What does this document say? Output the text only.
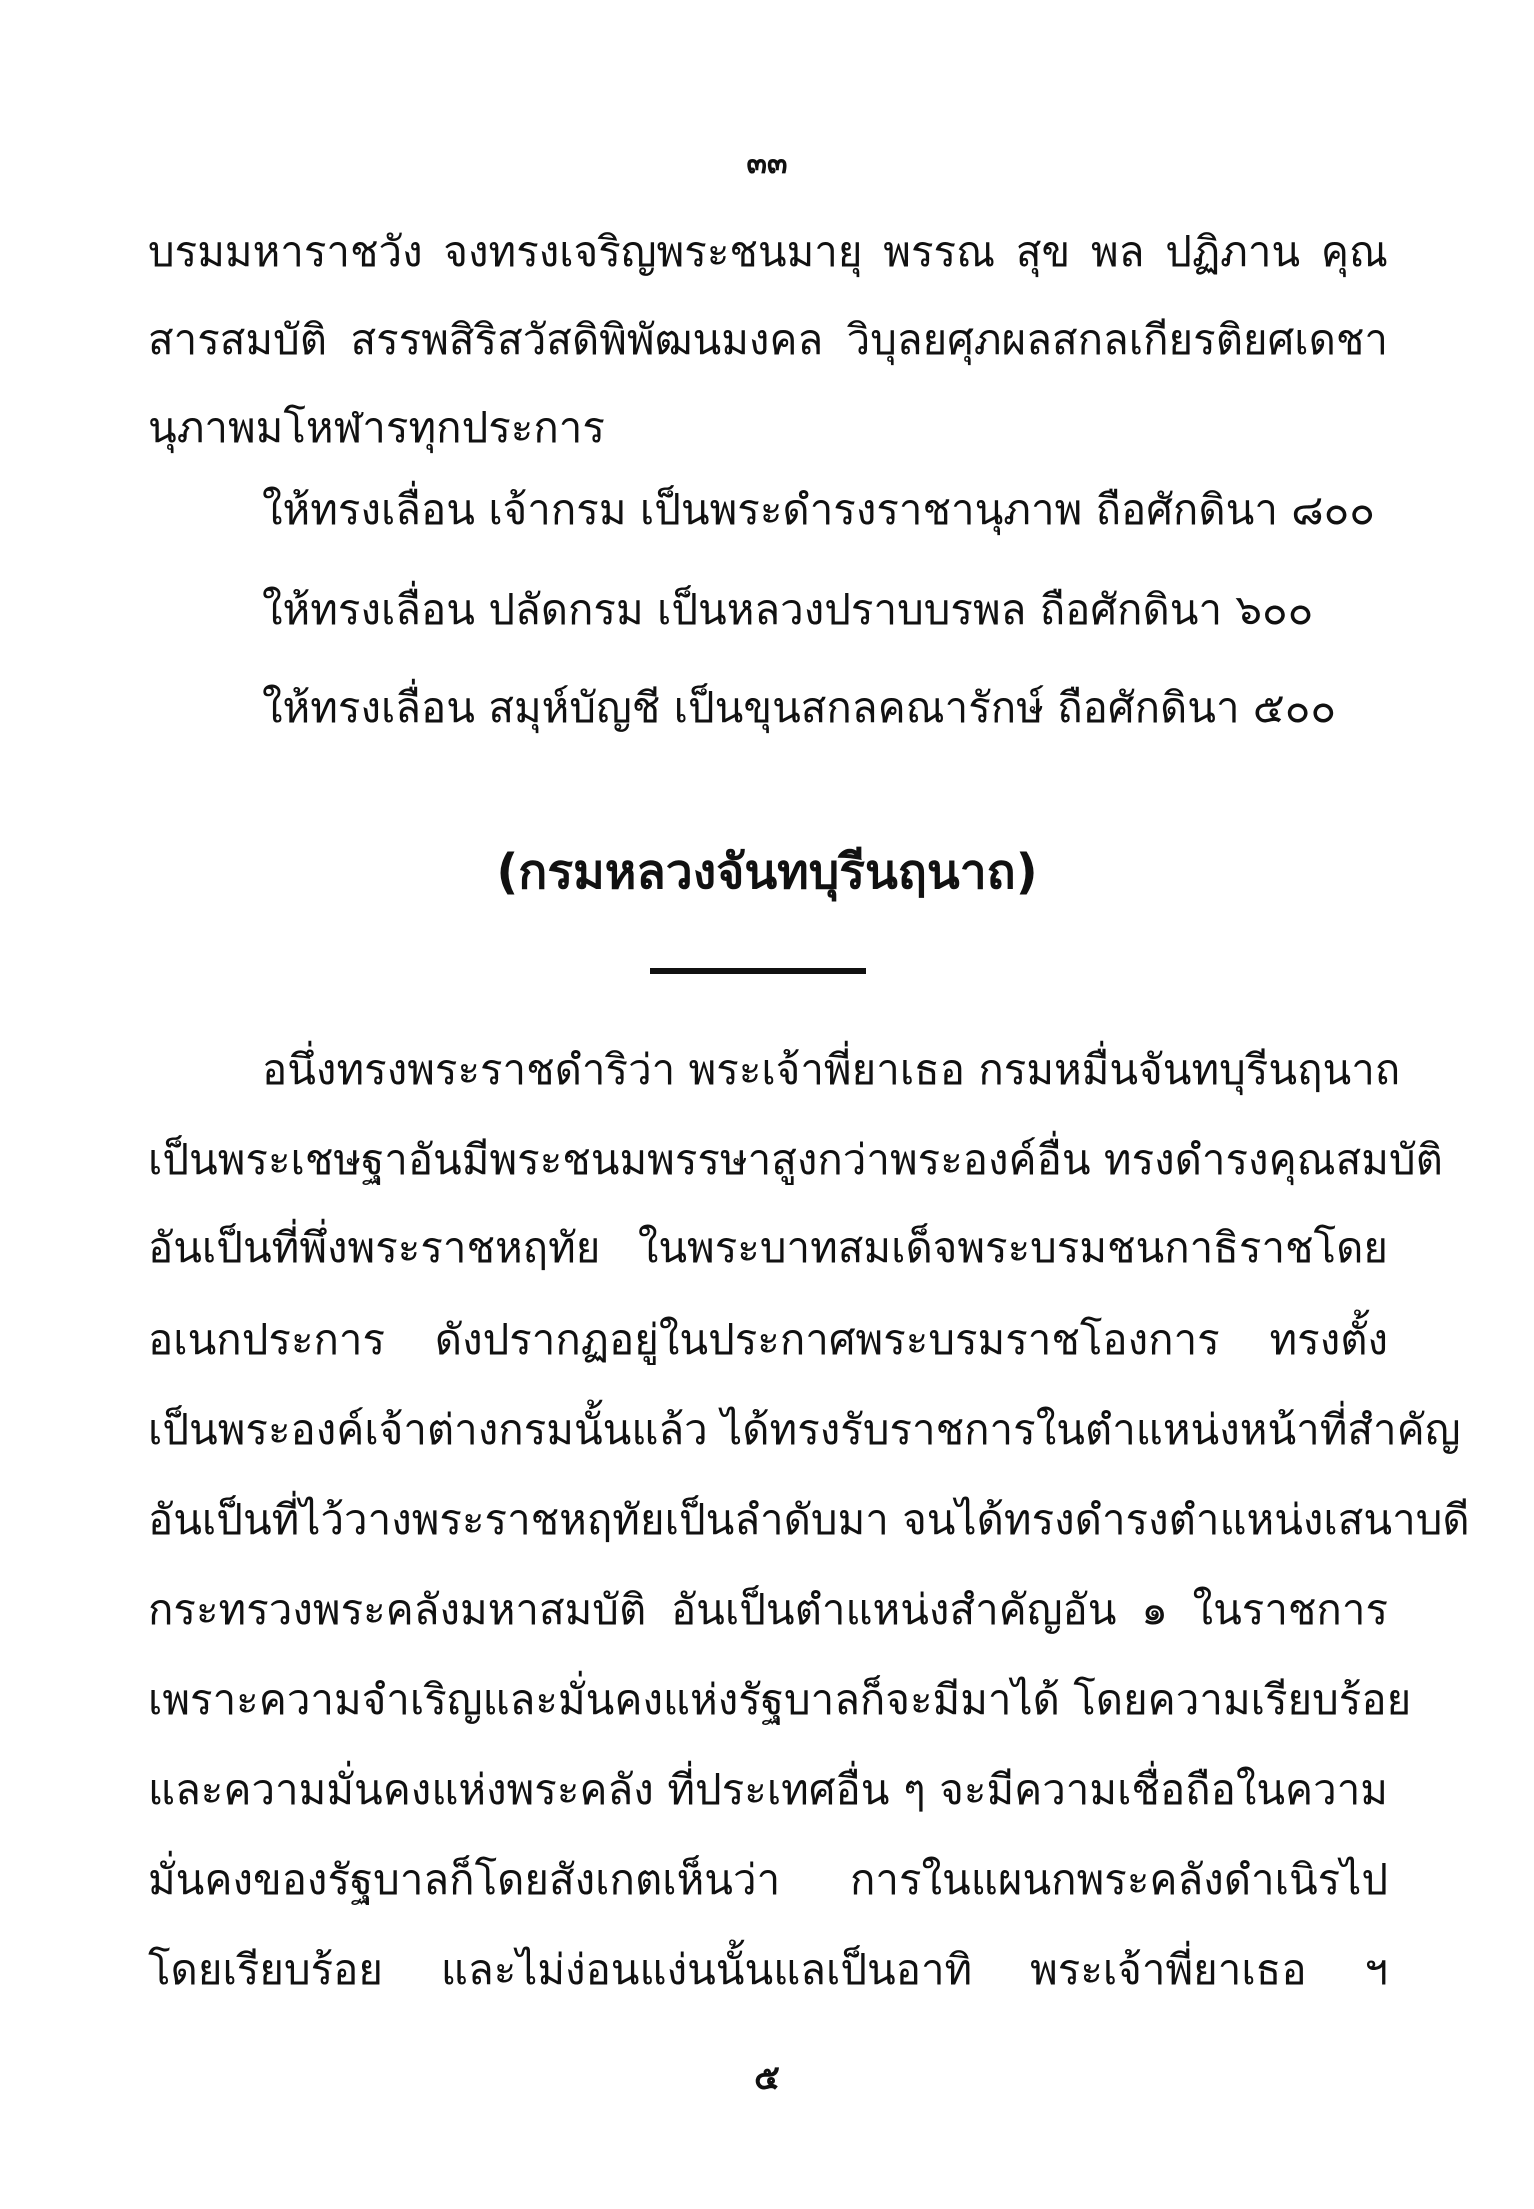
๓๓
บรมมหาราชวัง จงทรงเจริญพระชนมายุ พรรณ สุข พล ปฏิภาน คุณ
สารสมบัติ สรรพสิริสวัสดิพิพัฒนมงคล วิบุลยศุภผลสกลเกียรติยศเดชา
นุภาพมโหฬารทุกประการ
ให้ทรงเลื่อน เจ้ากรม เป็นพระดำรงราชานุภาพ ถือศักดินา ๘๐๐
ให้ทรงเลื่อน ปลัดกรม เป็นหลวงปราบบรพล ถือศักดินา ๖๐๐
ให้ทรงเลื่อน สมุห์บัญชี เป็นขุนสกลคณารักษ์ ถือศักดินา ๕๐๐
(กรมหลวงจันทบุรีนฤนาถ)
อนึ่งทรงพระราชดำริว่า พระเจ้าพี่ยาเธอ กรมหมื่นจันทบุรีนฤนาถ
เป็นพระเชษฐาอันมีพระชนมพรรษาสูงกว่าพระองค์อื่น ทรงดำรงคุณสมบัติ
อันเป็นที่พึ่งพระราชหฤทัย ในพระบาทสมเด็จพระบรมชนกาธิราชโดย
อเนกประการ ดังปรากฏอยู่ในประกาศพระบรมราชโองการ ทรงตั้ง
เป็นพระองค์เจ้าต่างกรมนั้นแล้ว ได้ทรงรับราชการในตำแหน่งหน้าที่สำคัญ
อันเป็นที่ไว้วางพระราชหฤทัยเป็นลำดับมา จนได้ทรงดำรงตำแหน่งเสนาบดี
กระทรวงพระคลังมหาสมบัติ อันเป็นตำแหน่งสำคัญอัน ๑ ในราชการ
เพราะความจำเริญและมั่นคงแห่งรัฐบาลก็จะมีมาได้ โดยความเรียบร้อย
และความมั่นคงแห่งพระคลัง ที่ประเทศอื่น ๆ จะมีความเชื่อถือในความ
มั่นคงของรัฐบาลก็โดยสังเกตเห็นว่า การในแผนกพระคลังดำเนิรไป
โดยเรียบร้อย และไม่ง่อนแง่นนั้นแลเป็นอาทิ พระเจ้าพี่ยาเธอ ฯ
๕
